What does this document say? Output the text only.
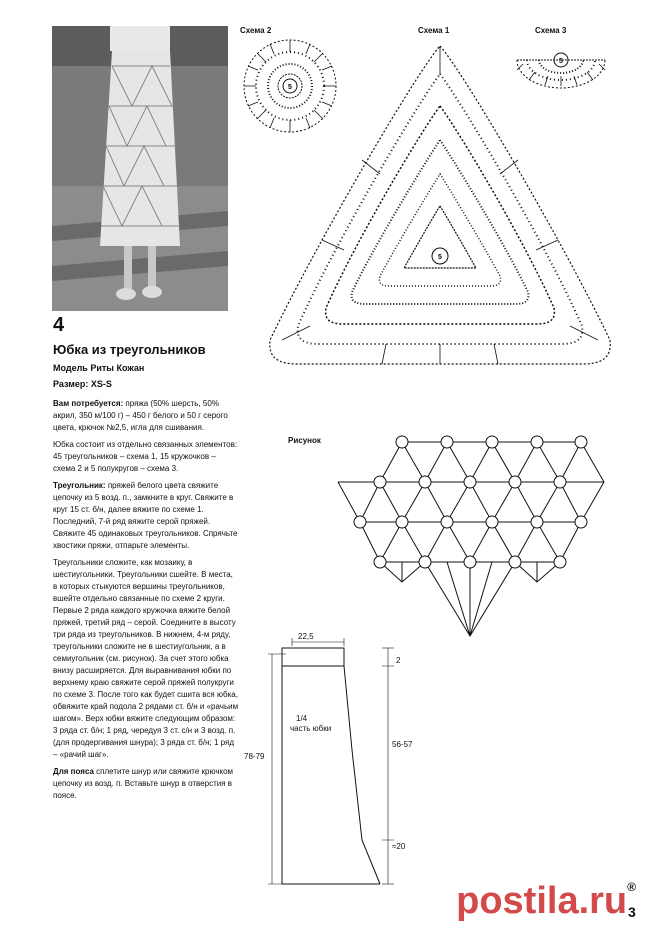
4
Юбка из треугольников
Модель Риты Кожан
Размер: XS-S

Вам потребуется: пряжа (50% шерсть, 50% акрил, 350 м/100 г) – 450 г белого и 50 г серого цвета, крючок №2,5, игла для сшивания.

Юбка состоит из отдельно связанных элементов: 45 треугольников – схема 1, 15 кружочков – схема 2 и 5 полукругов – схема 3.

Треугольник: пряжей белого цвета свяжите цепочку из 5 возд. п., замкните в круг. Свяжите в круг 15 ст. б/н, далее вяжите по схеме 1. Последний, 7-й ряд вяжите серой пряжей. Свяжите 45 одинаковых треугольников. Спрячьте хвостики пряжи, отпарьте элементы.

Треугольники сложите, как мозаику, в шестиугольники. Треугольники сшейте. В места, в которых стыкуются вершины треугольников, вшейте отдельно связанные по схеме 2 круги. Первые 2 ряда каждого кружочка вяжите белой пряжей, третий ряд – серой. Соедините в высоту три ряда из треугольников. В нижнем, 4-м ряду, треугольники сложите не в шестиугольник, а в семиугольник (см. рисунок). За счет этого юбка внизу расширяется. Для выравнивания юбки по верхнему краю свяжите серой пряжей полукруги по схеме 3. После того как будет сшита вся юбка, обвяжите край подола 2 рядами ст. б/н и «рачьим шагом». Верх юбки вяжите следующим образом: 3 ряда ст. б/н; 1 ряд, чередуя 3 ст. с/н и 3 возд. п. (для продергивания шнура); 3 ряда ст. б/н; 1 ряд – «рачий шаг».

Для пояса сплетите шнур или свяжите крючком цепочку из возд. п. Вставьте шнур в отверстия в поясе.

Схема 2	Схема 1	Схема 3
5
5
5
Рисунок
22,5
2
1/4
часть юбки
78-79
56-57
≈20
postila.ru®
3
